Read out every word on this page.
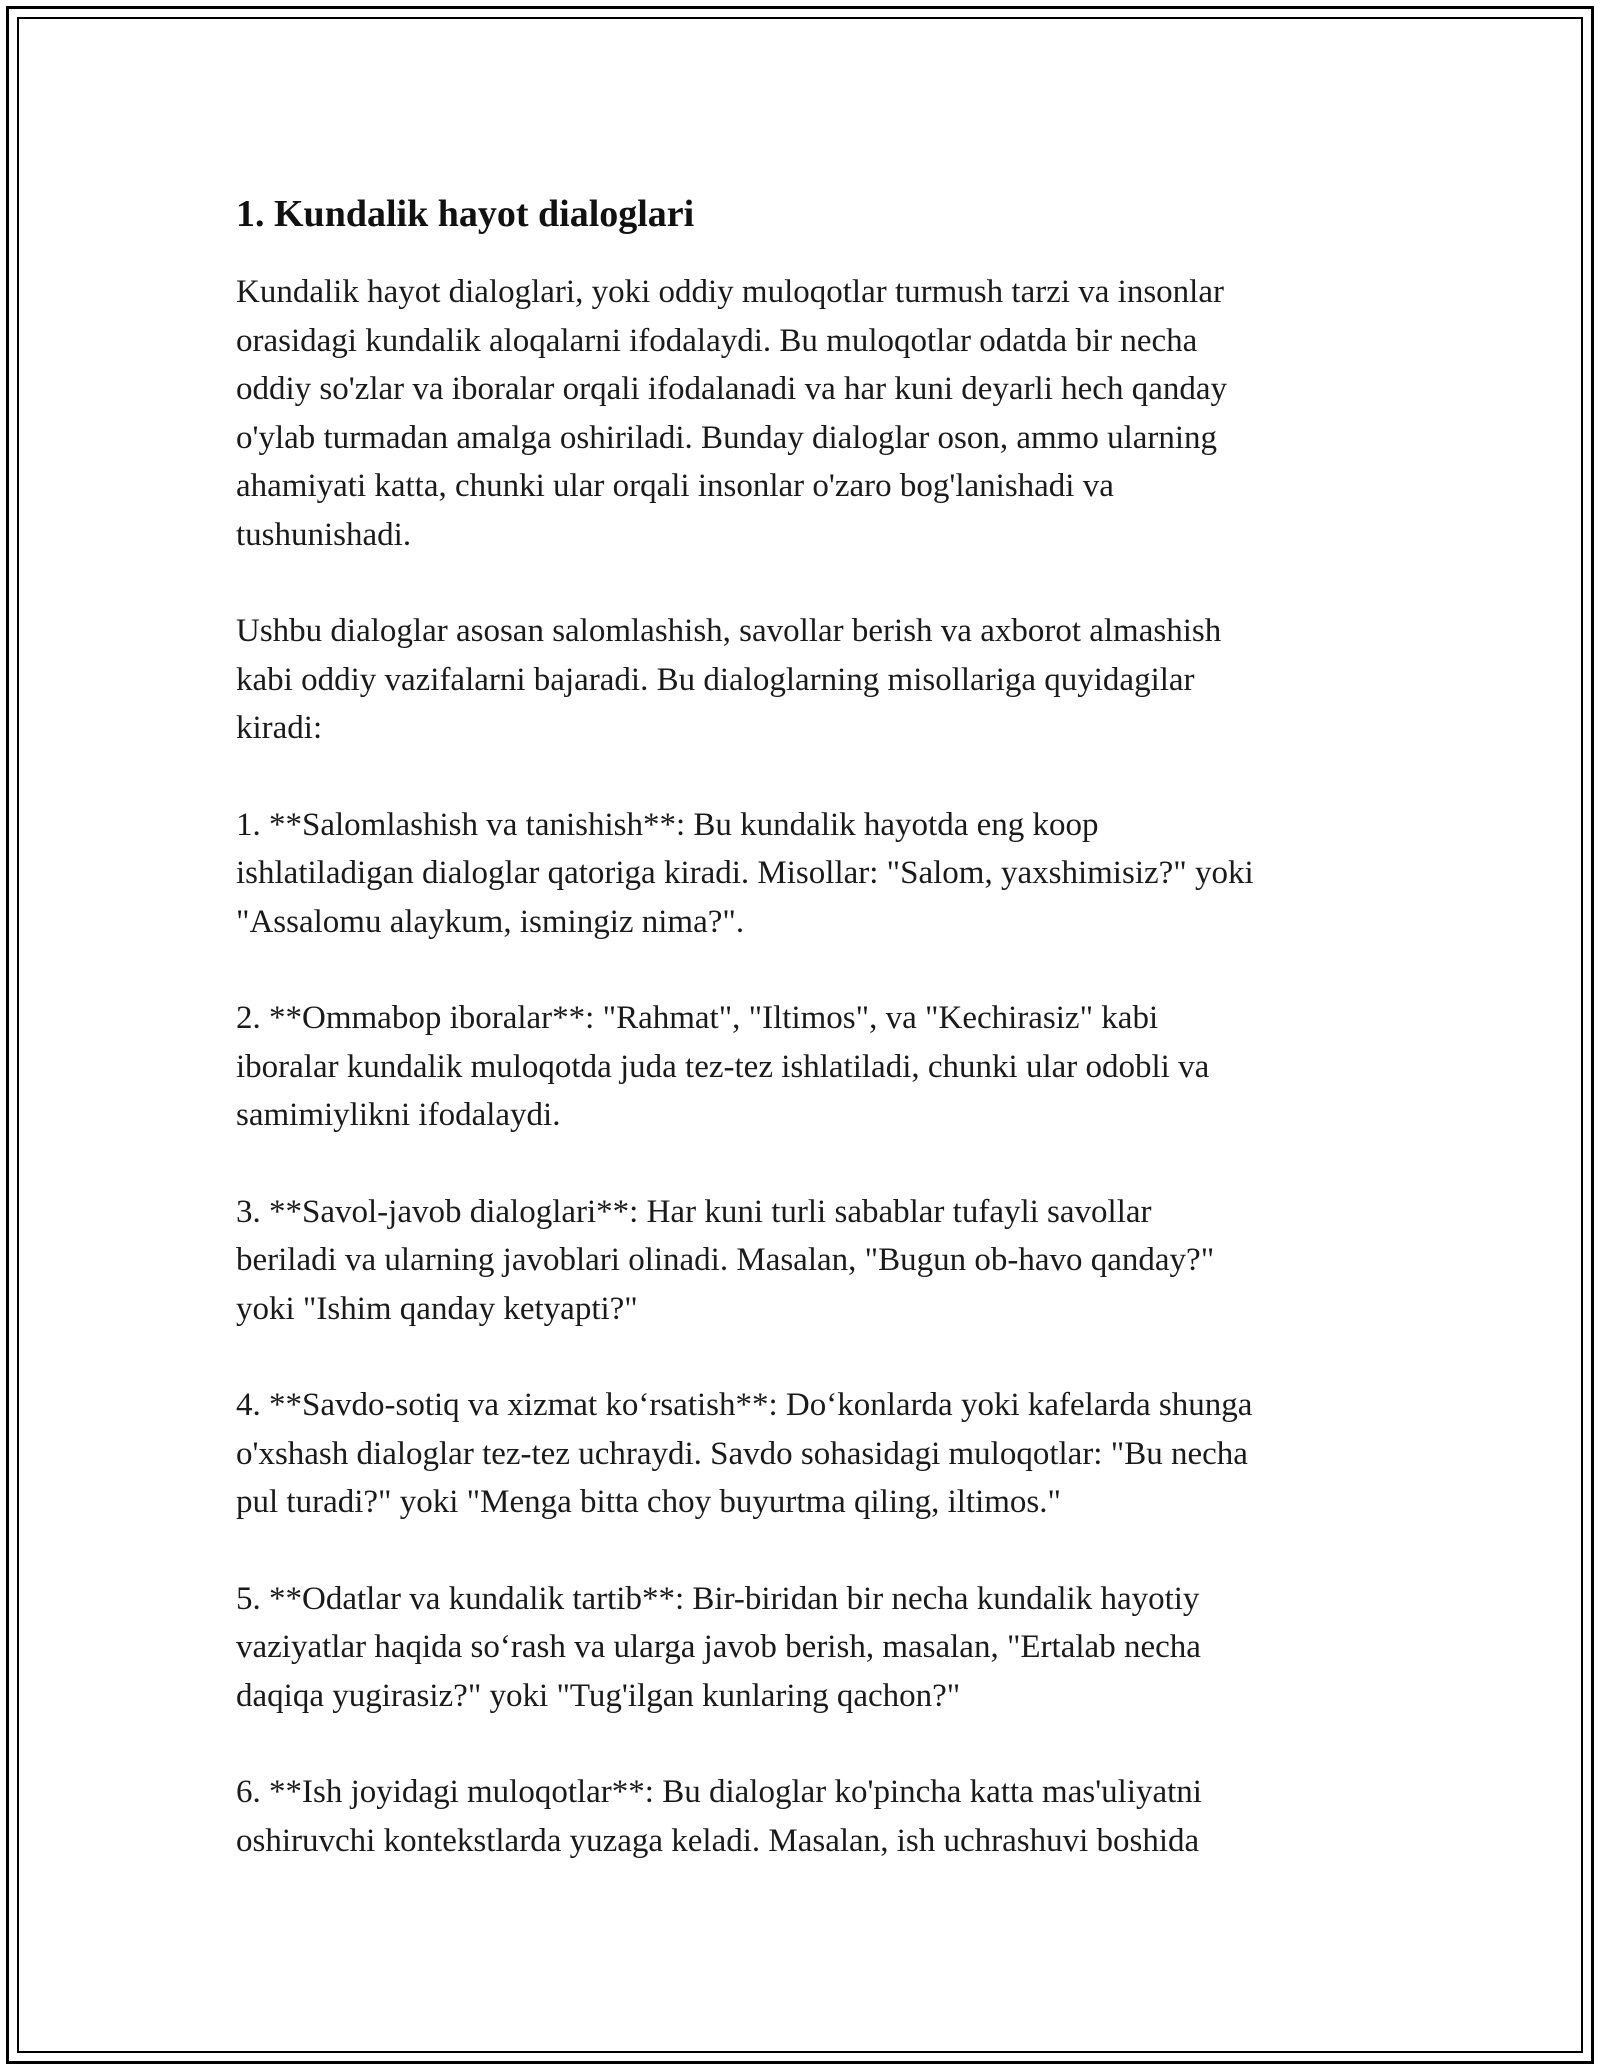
1. Kundalik hayot dialoglari

Kundalik hayot dialoglari, yoki oddiy muloqotlar turmush tarzi va insonlar
orasidagi kundalik aloqalarni ifodalaydi. Bu muloqotlar odatda bir necha
oddiy so'zlar va iboralar orqali ifodalanadi va har kuni deyarli hech qanday
o'ylab turmadan amalga oshiriladi. Bunday dialoglar oson, ammo ularning
ahamiyati katta, chunki ular orqali insonlar o'zaro bog'lanishadi va
tushunishadi.

Ushbu dialoglar asosan salomlashish, savollar berish va axborot almashish
kabi oddiy vazifalarni bajaradi. Bu dialoglarning misollariga quyidagilar
kiradi:

1. **Salomlashish va tanishish**: Bu kundalik hayotda eng koop
ishlatiladigan dialoglar qatoriga kiradi. Misollar: "Salom, yaxshimisiz?" yoki
"Assalomu alaykum, ismingiz nima?".

2. **Ommabop iboralar**: "Rahmat", "Iltimos", va "Kechirasiz" kabi
iboralar kundalik muloqotda juda tez-tez ishlatiladi, chunki ular odobli va
samimiylikni ifodalaydi.

3. **Savol-javob dialoglari**: Har kuni turli sabablar tufayli savollar
beriladi va ularning javoblari olinadi. Masalan, "Bugun ob-havo qanday?"
yoki "Ishim qanday ketyapti?"

4. **Savdo-sotiq va xizmat ko‘rsatish**: Do‘konlarda yoki kafelarda shunga
o'xshash dialoglar tez-tez uchraydi. Savdo sohasidagi muloqotlar: "Bu necha
pul turadi?" yoki "Menga bitta choy buyurtma qiling, iltimos."

5. **Odatlar va kundalik tartib**: Bir-biridan bir necha kundalik hayotiy
vaziyatlar haqida so‘rash va ularga javob berish, masalan, "Ertalab necha
daqiqa yugirasiz?" yoki "Tug'ilgan kunlaring qachon?"

6. **Ish joyidagi muloqotlar**: Bu dialoglar ko'pincha katta mas'uliyatni
oshiruvchi kontekstlarda yuzaga keladi. Masalan, ish uchrashuvi boshida
